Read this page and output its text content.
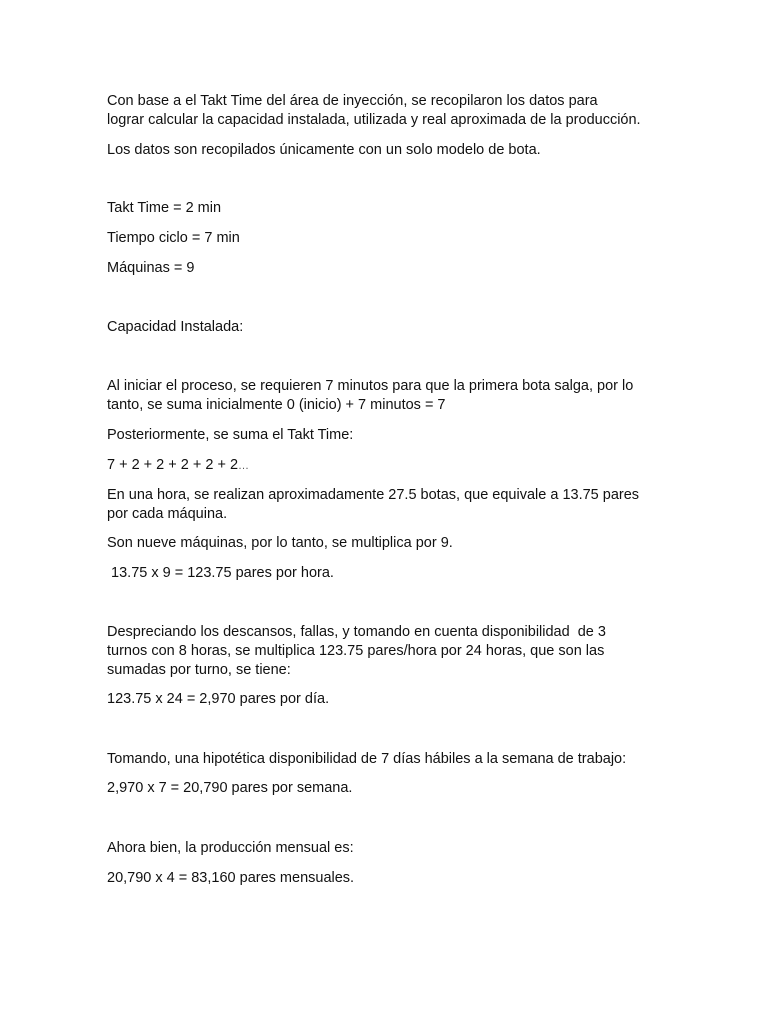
Con base a el Takt Time del área de inyección, se recopilaron los datos para
lograr calcular la capacidad instalada, utilizada y real aproximada de la producción.

Los datos son recopilados únicamente con un solo modelo de bota.

Takt Time = 2 min

Tiempo ciclo = 7 min

Máquinas = 9

Capacidad Instalada:

Al iniciar el proceso, se requieren 7 minutos para que la primera bota salga, por lo
tanto, se suma inicialmente 0 (inicio) + 7 minutos = 7

Posteriormente, se suma el Takt Time:

7 + 2 + 2 + 2 + 2 + 2…

En una hora, se realizan aproximadamente 27.5 botas, que equivale a 13.75 pares
por cada máquina.

Son nueve máquinas, por lo tanto, se multiplica por 9.

13.75 x 9 = 123.75 pares por hora.

Despreciando los descansos, fallas, y tomando en cuenta disponibilidad  de 3
turnos con 8 horas, se multiplica 123.75 pares/hora por 24 horas, que son las
sumadas por turno, se tiene:

123.75 x 24 = 2,970 pares por día.

Tomando, una hipotética disponibilidad de 7 días hábiles a la semana de trabajo:

2,970 x 7 = 20,790 pares por semana.

Ahora bien, la producción mensual es:

20,790 x 4 = 83,160 pares mensuales.
